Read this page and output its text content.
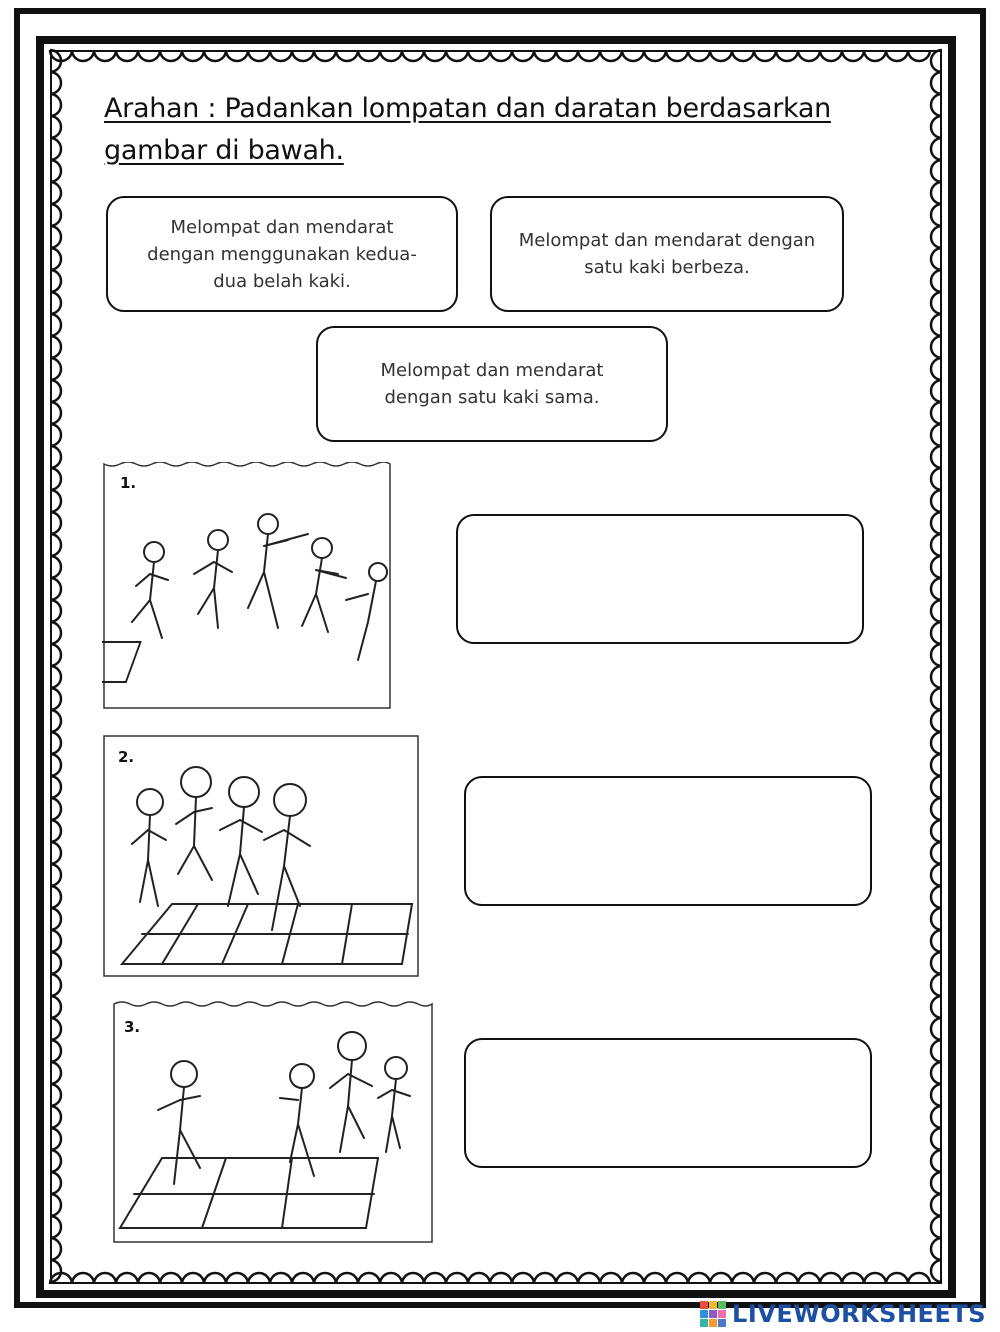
Arahan : Padankan lompatan dan daratan berdasarkan
gambar di bawah.
Melompat dan mendarat dengan menggunakan kedua-dua belah kaki.
Melompat dan mendarat dengan satu kaki berbeza.
Melompat dan mendarat dengan satu kaki sama.
1.
2.
3.
LIVEWORKSHEETS
